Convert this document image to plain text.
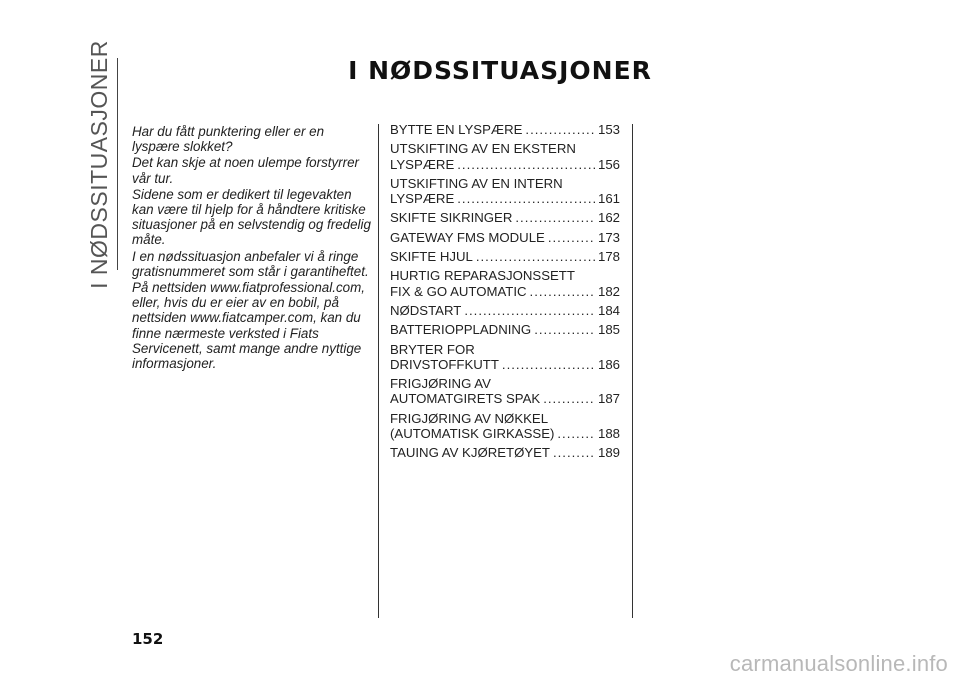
I NØDSSITUASJONER	I NØDSSITUASJONER

Har du fått punktering eller er en lyspære slokket?

Det kan skje at noen ulempe forstyrrer vår tur.

Sidene som er dedikert til legevakten kan være til hjelp for å håndtere kritiske situasjoner på en selvstendig og fredelig måte.

I en nødssituasjon anbefaler vi å ringe gratisnummeret som står i garantiheftet.

På nettsiden www.fiatprofessional.com, eller, hvis du er eier av en bobil, på nettsiden www.fiatcamper.com, kan du finne nærmeste verksted i Fiats Servicenett, samt mange andre nyttige informasjoner.

BYTTE EN LYSPÆRE .....	153
UTSKIFTING AV EN EKSTERN
LYSPÆRE .....	156
UTSKIFTING AV EN INTERN
LYSPÆRE .....	161
SKIFTE SIKRINGER .....	162
GATEWAY FMS MODULE .....	173
SKIFTE HJUL .....	178
HURTIG REPARASJONSSETT
FIX & GO AUTOMATIC .....	182
NØDSTART .....	184
BATTERIOPPLADNING .....	185
BRYTER FOR
DRIVSTOFFKUTT .....	186
FRIGJØRING AV
AUTOMATGIRETS SPAK .....	187
FRIGJØRING AV NØKKEL
(AUTOMATISK GIRKASSE) .....	188
TAUING AV KJØRETØYET .....	189
152
carmanualsonline.info
